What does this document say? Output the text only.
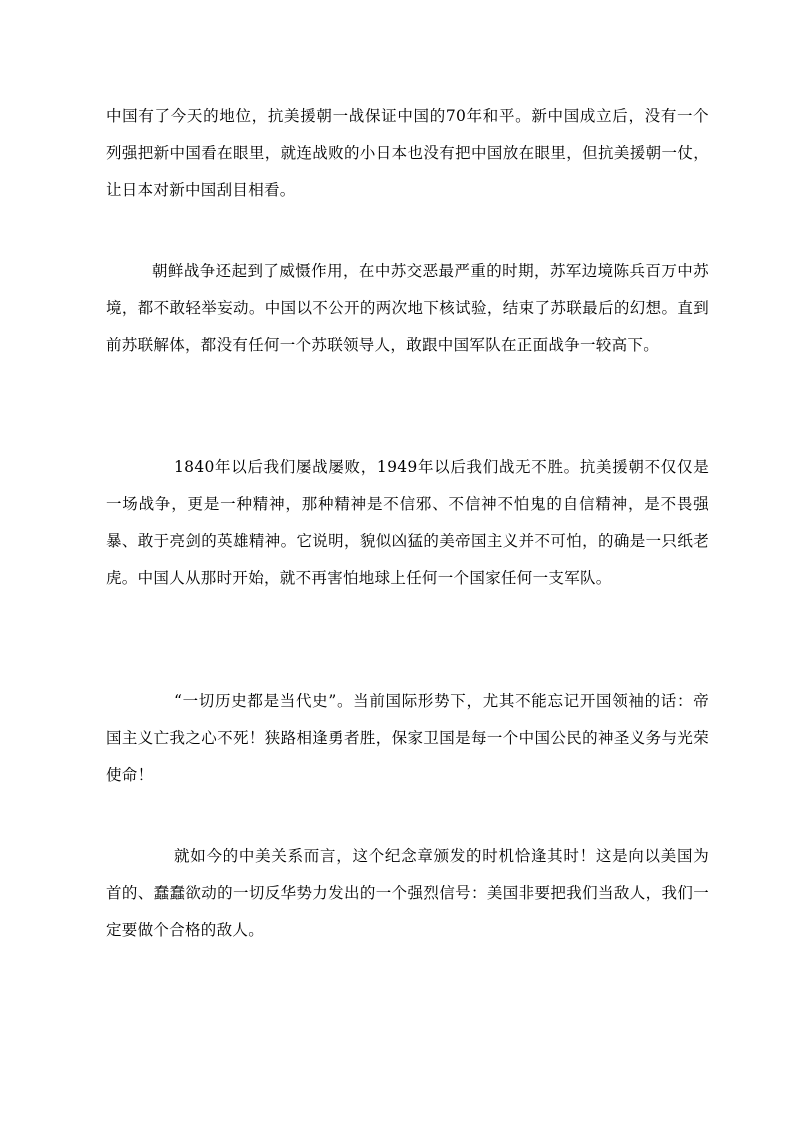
中国有了今天的地位，抗美援朝一战保证中国的70年和平。新中国成立后，没有一个列强把新中国看在眼里，就连战败的小日本也没有把中国放在眼里，但抗美援朝一仗，让日本对新中国刮目相看。

朝鲜战争还起到了威慑作用，在中苏交恶最严重的时期，苏军边境陈兵百万中苏境，都不敢轻举妄动。中国以不公开的两次地下核试验，结束了苏联最后的幻想。直到前苏联解体，都没有任何一个苏联领导人，敢跟中国军队在正面战争一较高下。

1840年以后我们屡战屡败，1949年以后我们战无不胜。抗美援朝不仅仅是一场战争，更是一种精神，那种精神是不信邪、不信神不怕鬼的自信精神，是不畏强暴、敢于亮剑的英雄精神。它说明，貌似凶猛的美帝国主义并不可怕，的确是一只纸老虎。中国人从那时开始，就不再害怕地球上任何一个国家任何一支军队。

“一切历史都是当代史”。当前国际形势下，尤其不能忘记开国领袖的话：帝国主义亡我之心不死！狭路相逢勇者胜，保家卫国是每一个中国公民的神圣义务与光荣使命！

就如今的中美关系而言，这个纪念章颁发的时机恰逢其时！这是向以美国为首的、蠢蠢欲动的一切反华势力发出的一个强烈信号：美国非要把我们当敌人，我们一定要做个合格的敌人。
